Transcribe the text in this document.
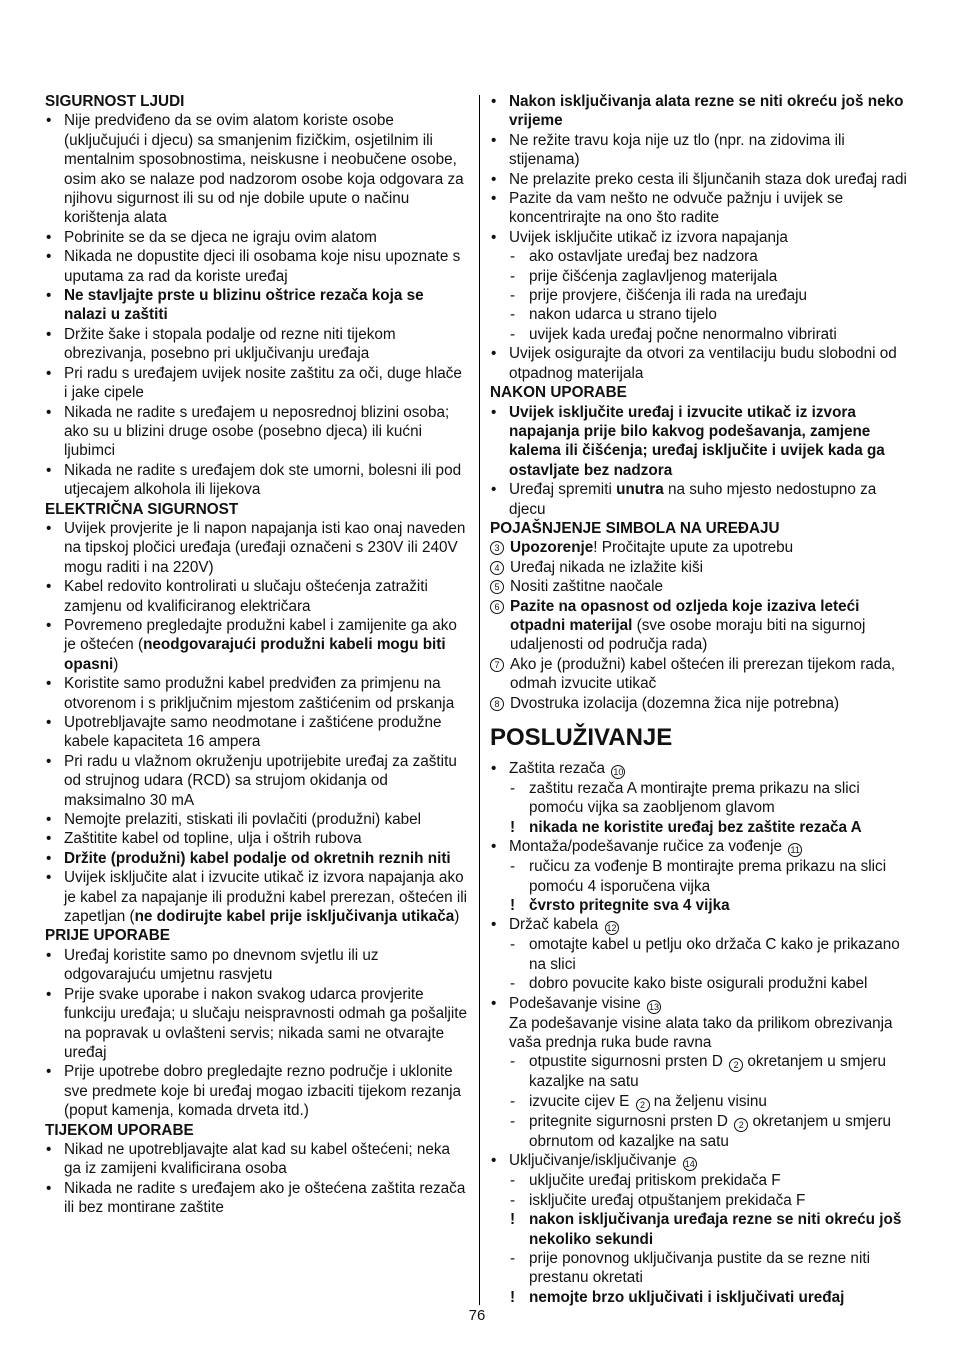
SIGURNOST LJUDI
• Nije predviđeno da se ovim alatom koriste osobe (uključujući i djecu) sa smanjenim fizičkim, osjetilnim ili mentalnim sposobnostima, neiskusne i neobučene osobe, osim ako se nalaze pod nadzorom osobe koja odgovara za njihovu sigurnost ili su od nje dobile upute o načinu korištenja alata
• Pobrinite se da se djeca ne igraju ovim alatom
• Nikada ne dopustite djeci ili osobama koje nisu upoznate s uputama za rad da koriste uređaj
• Ne stavljajte prste u blizinu oštrice rezača koja se nalazi u zaštiti
• Držite šake i stopala podalje od rezne niti tijekom obrezivanja, posebno pri uključivanju uređaja
• Pri radu s uređajem uvijek nosite zaštitu za oči, duge hlače i jake cipele
• Nikada ne radite s uređajem u neposrednoj blizini osoba; ako su u blizini druge osobe (posebno djeca) ili kućni ljubimci
• Nikada ne radite s uređajem dok ste umorni, bolesni ili pod utjecajem alkohola ili lijekova
ELEKTRIČNA SIGURNOST
• Uvijek provjerite je li napon napajanja isti kao onaj naveden na tipskoj pločici uređaja (uređaji označeni s 230V ili 240V mogu raditi i na 220V)
• Kabel redovito kontrolirati u slučaju oštećenja zatražiti zamjenu od kvalificiranog električara
• Povremeno pregledajte produžni kabel i zamijenite ga ako je oštećen (neodgovarajući produžni kabeli mogu biti opasni)
• Koristite samo produžni kabel predviđen za primjenu na otvorenom i s priključnim mjestom zaštićenim od prskanja
• Upotrebljavajte samo neodmotane i zaštićene produžne kabele kapaciteta 16 ampera
• Pri radu u vlažnom okruženju upotrijebite uređaj za zaštitu od strujnog udara (RCD) sa strujom okidanja od maksimalno 30 mA
• Nemojte prelaziti, stiskati ili povlačiti (produžni) kabel
• Zaštitite kabel od topline, ulja i oštrih rubova
• Držite (produžni) kabel podalje od okretnih reznih niti
• Uvijek isključite alat i izvucite utikač iz izvora napajanja ako je kabel za napajanje ili produžni kabel prerezan, oštećen ili zapetljan (ne dodirujte kabel prije isključivanja utikača)
PRIJE UPORABE
• Uređaj koristite samo po dnevnom svjetlu ili uz odgovarajuću umjetnu rasvjetu
• Prije svake uporabe i nakon svakog udarca provjerite funkciju uređaja; u slučaju neispravnosti odmah ga pošaljite na popravak u ovlašteni servis; nikada sami ne otvarajte uređaj
• Prije upotrebe dobro pregledajte rezno područje i uklonite sve predmete koje bi uređaj mogao izbaciti tijekom rezanja (poput kamenja, komada drveta itd.)
TIJEKOM UPORABE
• Nikad ne upotrebljavajte alat kad su kabel oštećeni; neka ga iz zamijeni kvalificirana osoba
• Nikada ne radite s uređajem ako je oštećena zaštita rezača ili bez montirane zaštite
• Nakon isključivanja alata rezne se niti okreću još neko vrijeme
• Ne režite travu koja nije uz tlo (npr. na zidovima ili stijenama)
• Ne prelazite preko cesta ili šljunčanih staza dok uređaj radi
• Pazite da vam nešto ne odvuče pažnju i uvijek se koncentrirajte na ono što radite
• Uvijek isključite utikač iz izvora napajanja
- ako ostavljate uređaj bez nadzora
- prije čišćenja zaglavljenog materijala
- prije provjere, čišćenja ili rada na uređaju
- nakon udarca u strano tijelo
- uvijek kada uređaj počne nenormalno vibrirati
• Uvijek osigurajte da otvori za ventilaciju budu slobodni od otpadnog materijala
NAKON UPORABE
• Uvijek isključite uređaj i izvucite utikač iz izvora napajanja prije bilo kakvog podešavanja, zamjene kalema ili čišćenja; uređaj isključite i uvijek kada ga ostavljate bez nadzora
• Uređaj spremiti unutra na suho mjesto nedostupno za djecu
POJAŠNJENJE SIMBOLA NA UREĐAJU
3 Upozorenje! Pročitajte upute za upotrebu
4 Uređaj nikada ne izlažite kiši
5 Nositi zaštitne naočale
6 Pazite na opasnost od ozljeda koje izaziva leteći otpadni materijal (sve osobe moraju biti na sigurnoj udaljenosti od područja rada)
7 Ako je (produžni) kabel oštećen ili prerezan tijekom rada, odmah izvucite utikač
8 Dvostruka izolacija (dozemna žica nije potrebna)
POSLUŽIVANJE
• Zaštita rezača 10
- zaštitu rezača A montirajte prema prikazu na slici pomoću vijka sa zaobljenom glavom
! nikada ne koristite uređaj bez zaštite rezača A
• Montaža/podešavanje ručice za vođenje 11
- ručicu za vođenje B montirajte prema prikazu na slici pomoću 4 isporučena vijka
! čvrsto pritegnite sva 4 vijka
• Držač kabela 12
- omotajte kabel u petlju oko držača C kako je prikazano na slici
- dobro povucite kako biste osigurali produžni kabel
• Podešavanje visine 13
Za podešavanje visine alata tako da prilikom obrezivanja vaša prednja ruka bude ravna
- otpustite sigurnosni prsten D 2 okretanjem u smjeru kazaljke na satu
- izvucite cijev E 2 na željenu visinu
- pritegnite sigurnosni prsten D 2 okretanjem u smjeru obrnutom od kazaljke na satu
• Uključivanje/isključivanje 14
- uključite uređaj pritiskom prekidača F
- isključite uređaj otpuštanjem prekidača F
! nakon isključivanja uređaja rezne se niti okreću još nekoliko sekundi
- prije ponovnog uključivanja pustite da se rezne niti prestanu okretati
! nemojte brzo uključivati i isključivati uređaj
76
